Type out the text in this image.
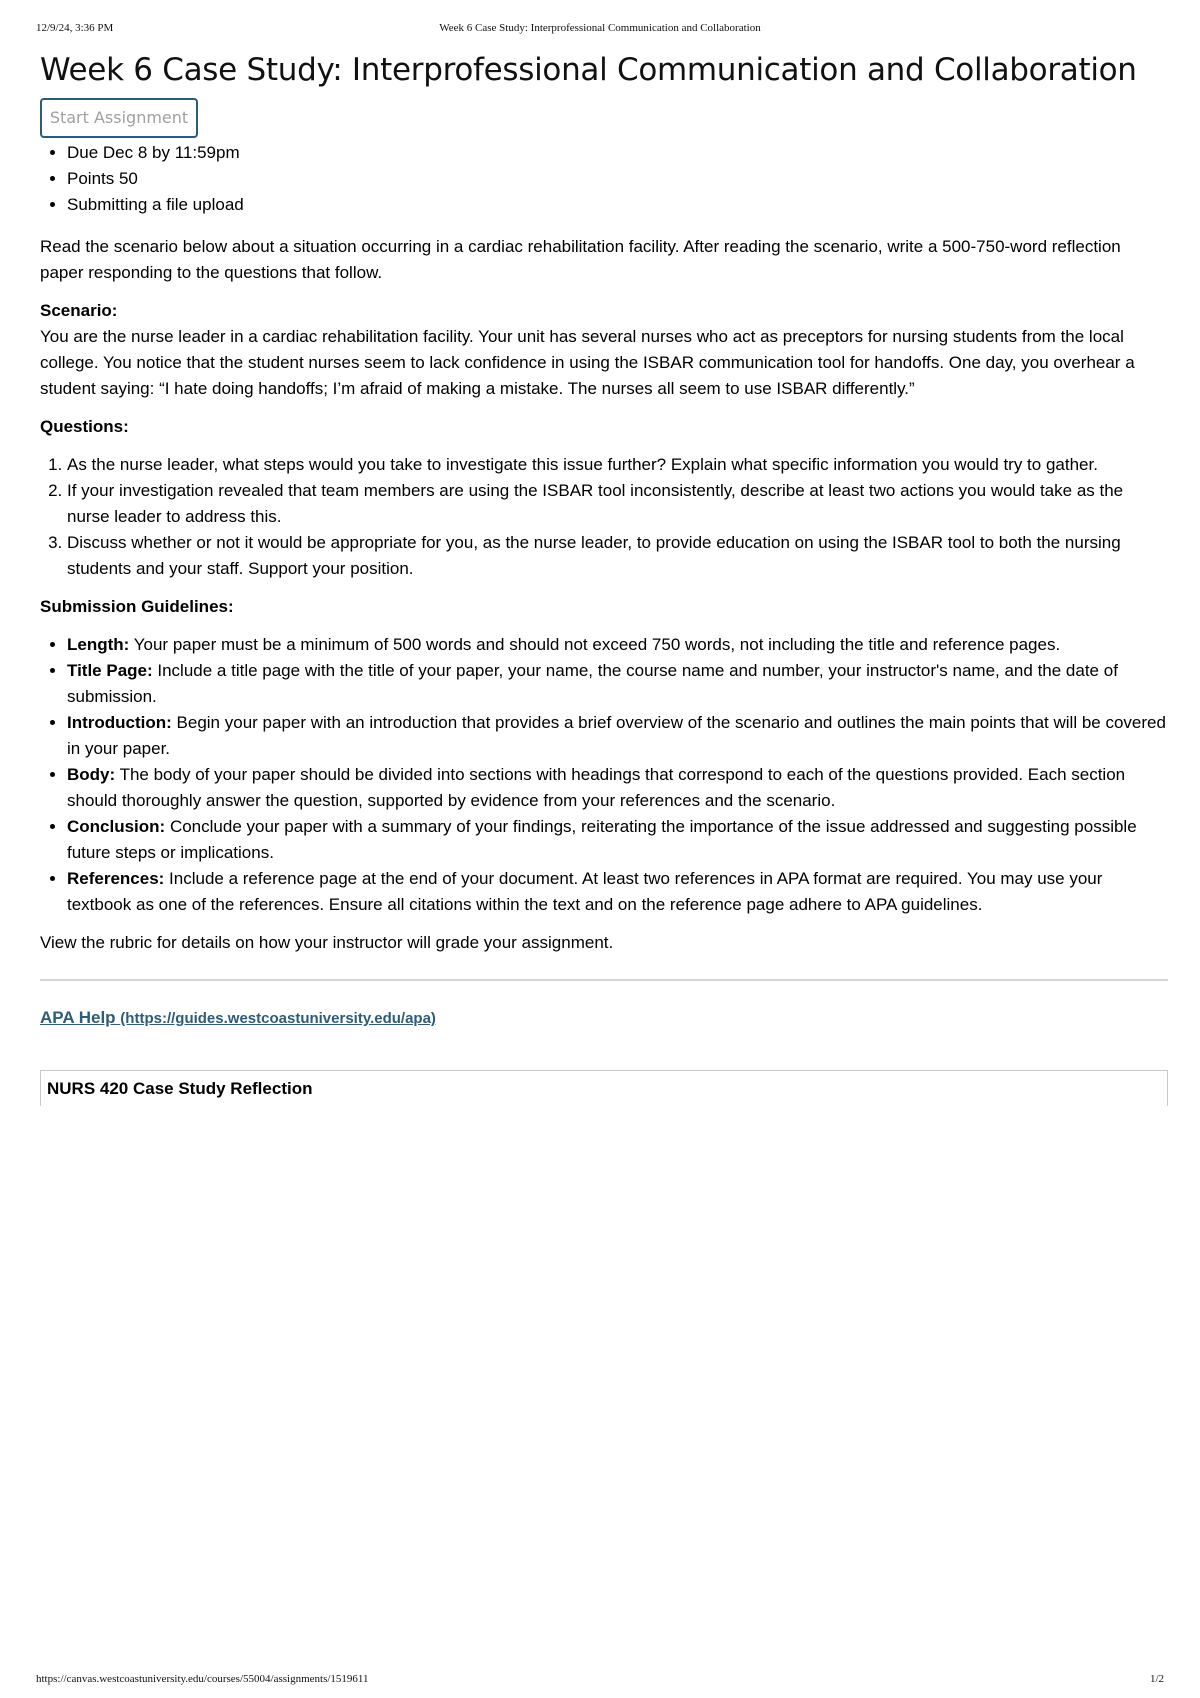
12/9/24, 3:36 PM	Week 6 Case Study: Interprofessional Communication and Collaboration
Week 6 Case Study: Interprofessional Communication and Collaboration
Start Assignment
• Due Dec 8 by 11:59pm
• Points 50
• Submitting a file upload

Read the scenario below about a situation occurring in a cardiac rehabilitation facility. After reading the scenario, write a 500-750-word reflection paper responding to the questions that follow.

Scenario:
You are the nurse leader in a cardiac rehabilitation facility. Your unit has several nurses who act as preceptors for nursing students from the local college. You notice that the student nurses seem to lack confidence in using the ISBAR communication tool for handoffs. One day, you overhear a student saying: “I hate doing handoffs; I’m afraid of making a mistake. The nurses all seem to use ISBAR differently.”
Questions:
1. As the nurse leader, what steps would you take to investigate this issue further? Explain what specific information you would try to gather.
2. If your investigation revealed that team members are using the ISBAR tool inconsistently, describe at least two actions you would take as the nurse leader to address this.
3. Discuss whether or not it would be appropriate for you, as the nurse leader, to provide education on using the ISBAR tool to both the nursing students and your staff. Support your position.
Submission Guidelines:
• Length: Your paper must be a minimum of 500 words and should not exceed 750 words, not including the title and reference pages.
• Title Page: Include a title page with the title of your paper, your name, the course name and number, your instructor's name, and the date of submission.
• Introduction: Begin your paper with an introduction that provides a brief overview of the scenario and outlines the main points that will be covered in your paper.
• Body: The body of your paper should be divided into sections with headings that correspond to each of the questions provided. Each section should thoroughly answer the question, supported by evidence from your references and the scenario.
• Conclusion: Conclude your paper with a summary of your findings, reiterating the importance of the issue addressed and suggesting possible future steps or implications.
• References: Include a reference page at the end of your document. At least two references in APA format are required. You may use your textbook as one of the references. Ensure all citations within the text and on the reference page adhere to APA guidelines.

View the rubric for details on how your instructor will grade your assignment.

APA Help (https://guides.westcoastuniversity.edu/apa)
NURS 420 Case Study Reflection
https://canvas.westcoastuniversity.edu/courses/55004/assignments/1519611	1/2
